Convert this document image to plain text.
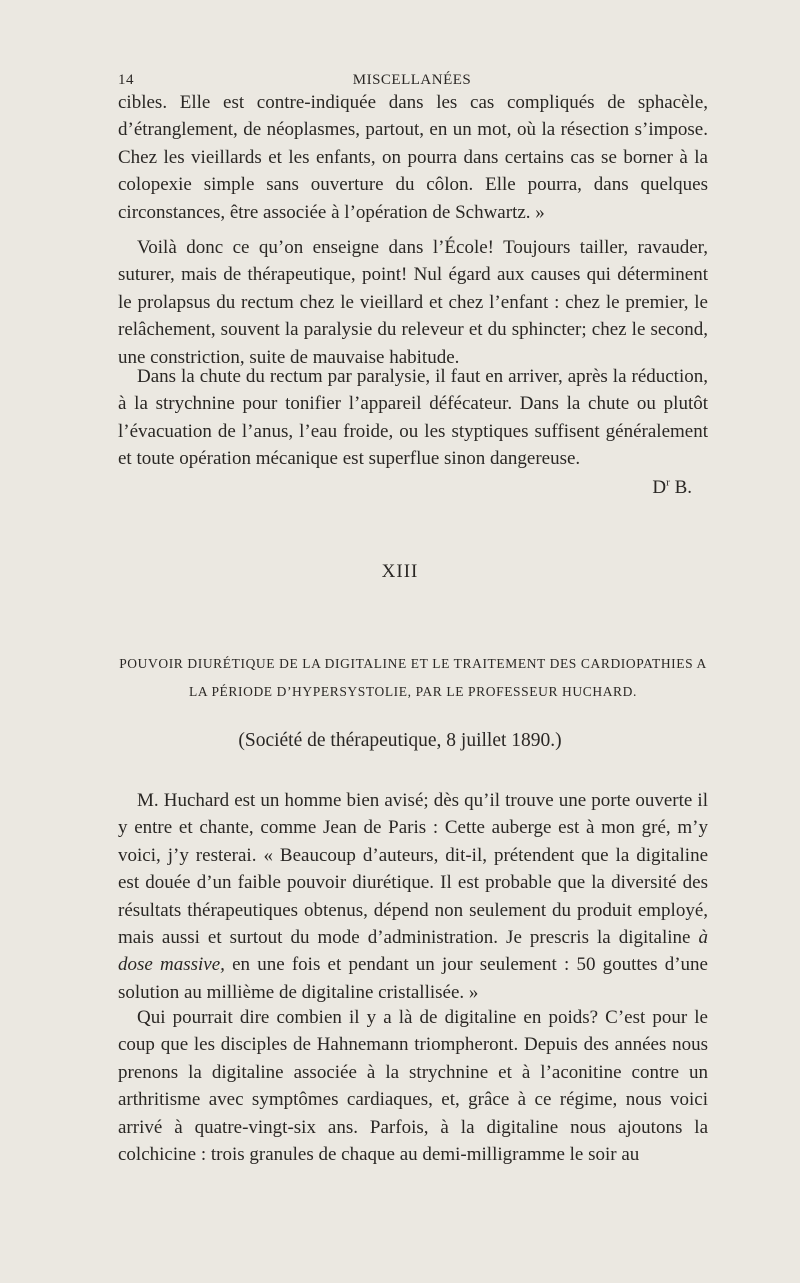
14	MISCELLANÉES

cibles. Elle est contre-indiquée dans les cas compliqués de sphacèle, d’étranglement, de néoplasmes, partout, en un mot, où la résection s’impose. Chez les vieillards et les enfants, on pourra dans certains cas se borner à la colopexie simple sans ouverture du côlon. Elle pourra, dans quelques circonstances, être associée à l’opération de Schwartz. »

Voilà donc ce qu’on enseigne dans l’École! Toujours tailler, ravauder, suturer, mais de thérapeutique, point! Nul égard aux causes qui déterminent le prolapsus du rectum chez le vieillard et chez l’enfant : chez le premier, le relâchement, souvent la paralysie du releveur et du sphincter; chez le second, une constriction, suite de mauvaise habitude.

Dans la chute du rectum par paralysie, il faut en arriver, après la réduction, à la strychnine pour tonifier l’appareil défécateur. Dans la chute ou plutôt l’évacuation de l’anus, l’eau froide, ou les styptiques suffisent généralement et toute opération mécanique est superflue sinon dangereuse.

$D^r$ B.
XIII

POUVOIR DIURÉTIQUE DE LA DIGITALINE ET LE TRAITEMENT DES CARDIOPATHIES A LA PÉRIODE D’HYPERSYSTOLIE, PAR LE PROFESSEUR HUCHARD.

(Société de thérapeutique, 8 juillet 1890.)

M. Huchard est un homme bien avisé; dès qu’il trouve une porte ouverte il y entre et chante, comme Jean de Paris : Cette auberge est à mon gré, m’y voici, j’y resterai. « Beaucoup d’auteurs, dit-il, prétendent que la digitaline est douée d’un faible pouvoir diurétique. Il est probable que la diversité des résultats thérapeutiques obtenus, dépend non seulement du produit employé, mais aussi et surtout du mode d’administration. Je prescris la digitaline à dose massive, en une fois et pendant un jour seulement : 50 gouttes d’une solution au millième de digitaline cristallisée. »

Qui pourrait dire combien il y a là de digitaline en poids? C’est pour le coup que les disciples de Hahnemann triompheront. Depuis des années nous prenons la digitaline associée à la strychnine et à l’aconitine contre un arthritisme avec symptômes cardiaques, et, grâce à ce régime, nous voici arrivé à quatre-vingt-six ans. Parfois, à la digitaline nous ajoutons la colchicine : trois granules de chaque au demi-milligramme le soir au
